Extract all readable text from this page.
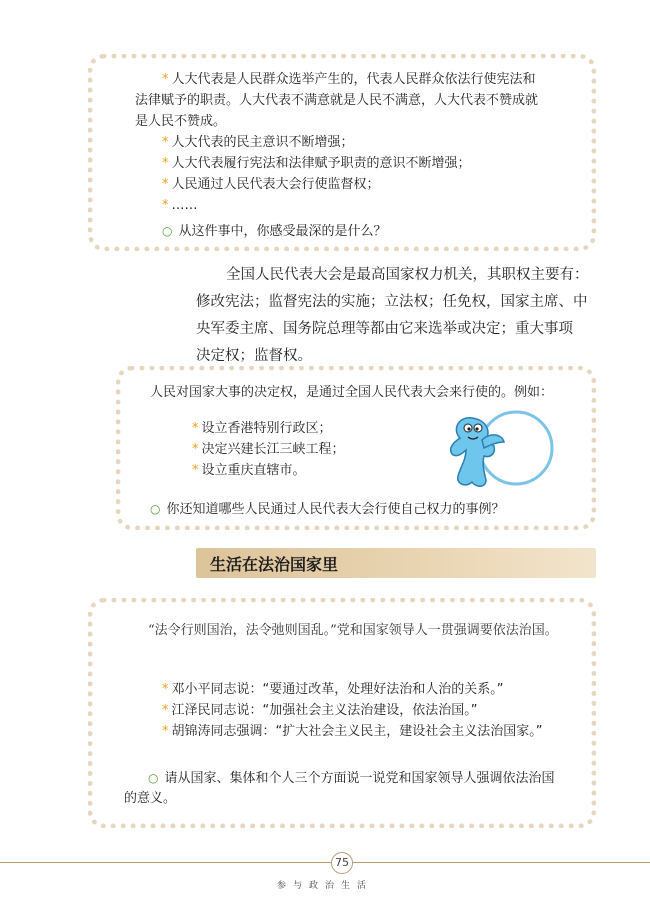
* 人大代表是人民群众选举产生的，代表人民群众依法行使宪法和
法律赋予的职责。人大代表不满意就是人民不满意，人大代表不赞成就
是人民不赞成。
* 人大代表的民主意识不断增强；
* 人大代表履行宪法和法律赋予职责的意识不断增强；
* 人民通过人民代表大会行使监督权；
* ……
○ 从这件事中，你感受最深的是什么？
全国人民代表大会是最高国家权力机关，其职权主要有：
修改宪法；监督宪法的实施；立法权；任免权，国家主席、中
央军委主席、国务院总理等都由它来选举或决定；重大事项
决定权；监督权。
人民对国家大事的决定权，是通过全国人民代表大会来行使的。例如：
* 设立香港特别行政区；
* 决定兴建长江三峡工程；
* 设立重庆直辖市。
○ 你还知道哪些人民通过人民代表大会行使自己权力的事例？
生活在法治国家里
“法令行则国治，法令弛则国乱。”党和国家领导人一贯强调要依法治国。
* 邓小平同志说：“要通过改革，处理好法治和人治的关系。”
* 江泽民同志说：“加强社会主义法治建设，依法治国。”
* 胡锦涛同志强调：“扩大社会主义民主，建设社会主义法治国家。”
○ 请从国家、集体和个人三个方面说一说党和国家领导人强调依法治国
的意义。
75
参与政治生活
